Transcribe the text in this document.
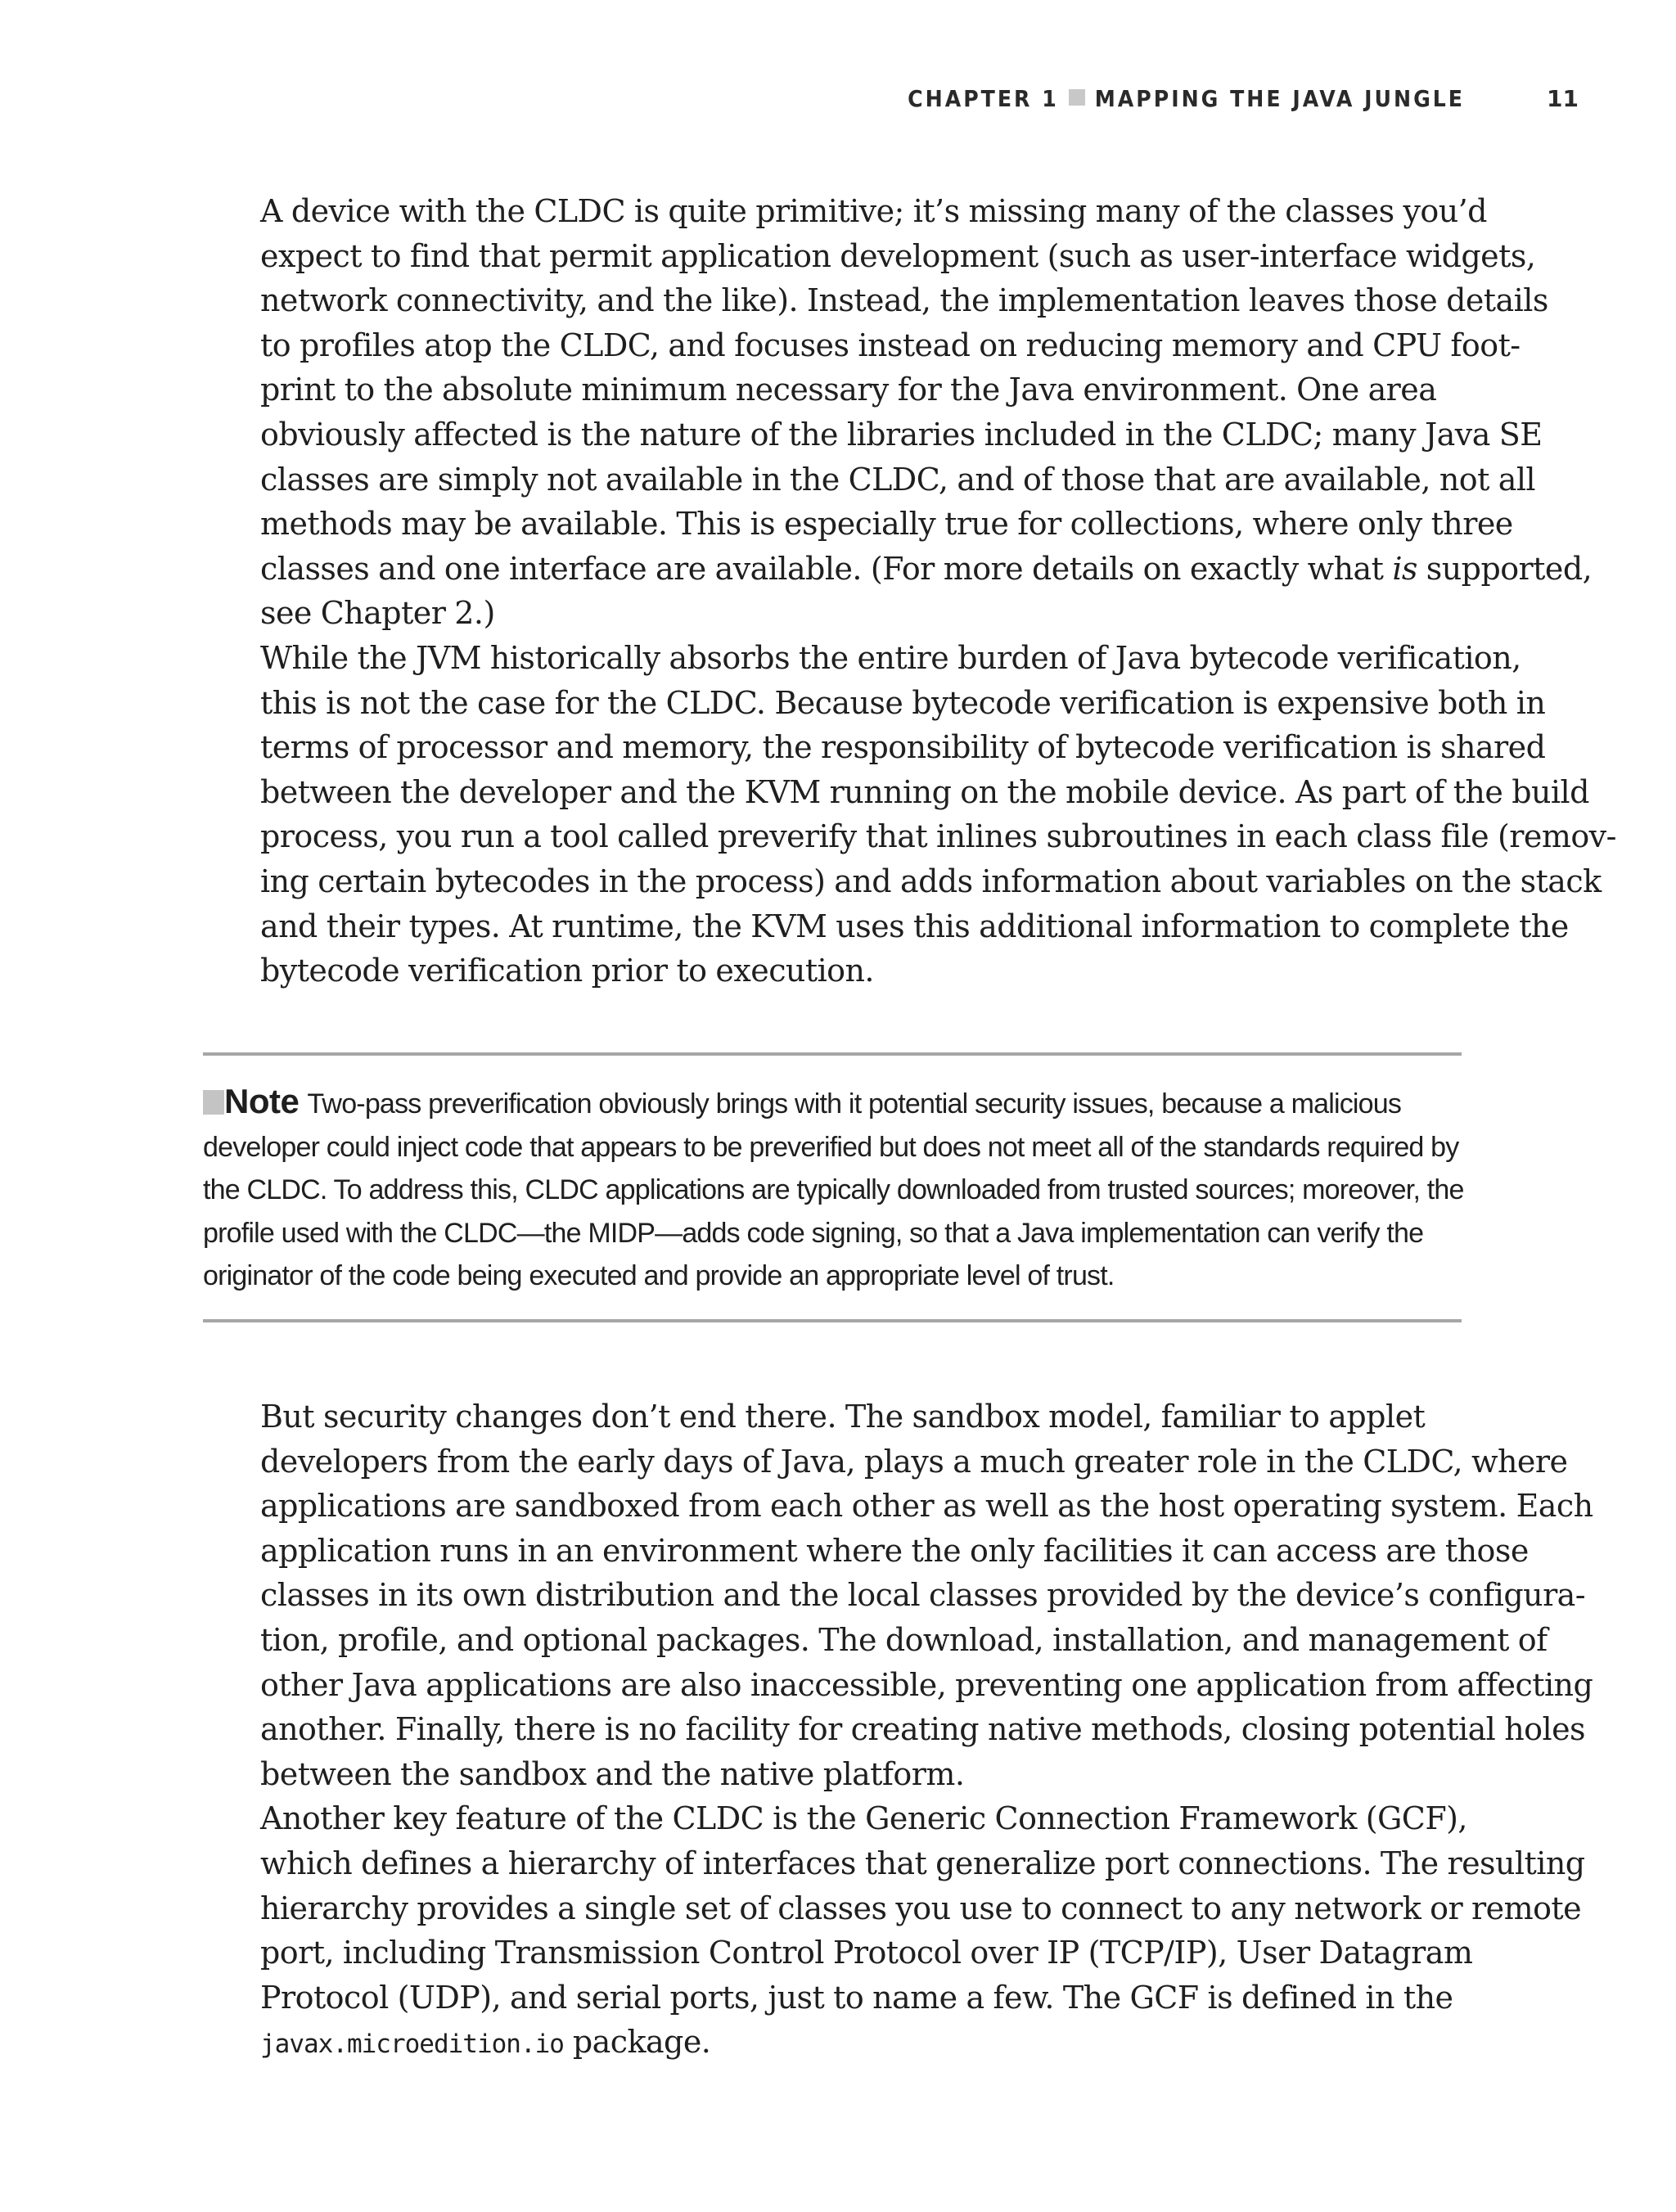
CHAPTER 1 MAPPING THE JAVA JUNGLE	11

A device with the CLDC is quite primitive; it’s missing many of the classes you’d
expect to find that permit application development (such as user-interface widgets,
network connectivity, and the like). Instead, the implementation leaves those details
to profiles atop the CLDC, and focuses instead on reducing memory and CPU foot-
print to the absolute minimum necessary for the Java environment. One area
obviously affected is the nature of the libraries included in the CLDC; many Java SE
classes are simply not available in the CLDC, and of those that are available, not all
methods may be available. This is especially true for collections, where only three
classes and one interface are available. (For more details on exactly what is supported,
see Chapter 2.)

While the JVM historically absorbs the entire burden of Java bytecode verification,
this is not the case for the CLDC. Because bytecode verification is expensive both in
terms of processor and memory, the responsibility of bytecode verification is shared
between the developer and the KVM running on the mobile device. As part of the build
process, you run a tool called preverify that inlines subroutines in each class file (remov-
ing certain bytecodes in the process) and adds information about variables on the stack
and their types. At runtime, the KVM uses this additional information to complete the
bytecode verification prior to execution.

Note Two-pass preverification obviously brings with it potential security issues, because a malicious
developer could inject code that appears to be preverified but does not meet all of the standards required by
the CLDC. To address this, CLDC applications are typically downloaded from trusted sources; moreover, the
profile used with the CLDC—the MIDP—adds code signing, so that a Java implementation can verify the
originator of the code being executed and provide an appropriate level of trust.

But security changes don’t end there. The sandbox model, familiar to applet
developers from the early days of Java, plays a much greater role in the CLDC, where
applications are sandboxed from each other as well as the host operating system. Each
application runs in an environment where the only facilities it can access are those
classes in its own distribution and the local classes provided by the device’s configura-
tion, profile, and optional packages. The download, installation, and management of
other Java applications are also inaccessible, preventing one application from affecting
another. Finally, there is no facility for creating native methods, closing potential holes
between the sandbox and the native platform.

Another key feature of the CLDC is the Generic Connection Framework (GCF),
which defines a hierarchy of interfaces that generalize port connections. The resulting
hierarchy provides a single set of classes you use to connect to any network or remote
port, including Transmission Control Protocol over IP (TCP/IP), User Datagram
Protocol (UDP), and serial ports, just to name a few. The GCF is defined in the
javax.microedition.io package.
